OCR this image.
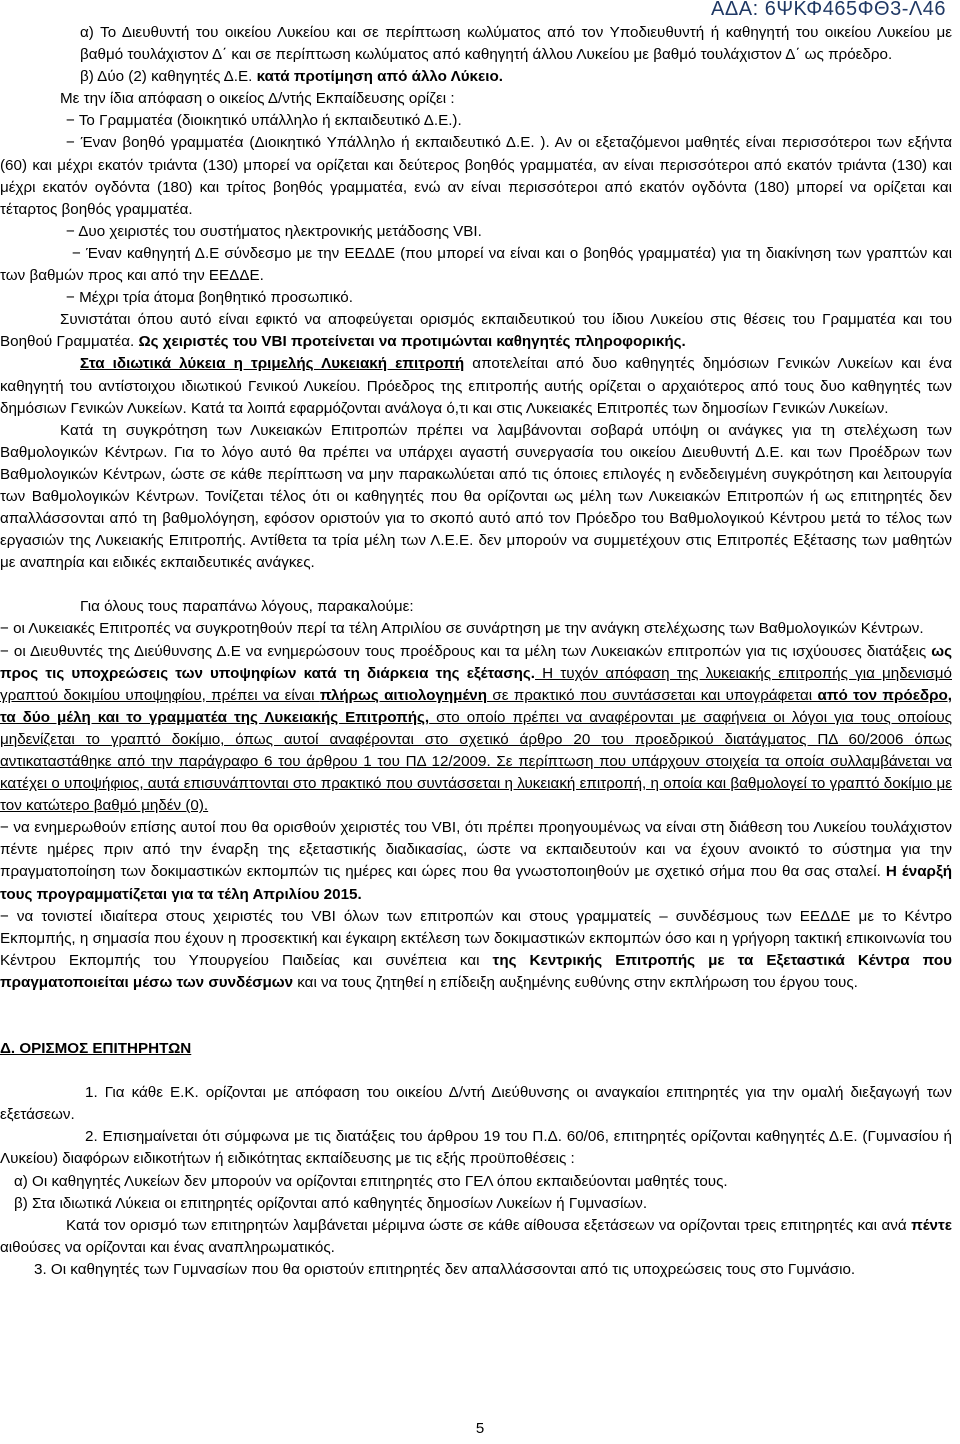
ΑΔΑ: 6ΨΚΦ465ΦΘ3-Λ46

α) Το Διευθυντή του οικείου Λυκείου και σε περίπτωση κωλύματος από τον Υποδιευθυντή ή καθηγητή του οικείου Λυκείου με βαθμό τουλάχιστον Δ΄ και σε περίπτωση κωλύματος από καθηγητή άλλου Λυκείου με βαθμό τουλάχιστον Δ΄ ως πρόεδρο.

β) Δύο (2) καθηγητές Δ.Ε. κατά προτίμηση από άλλο Λύκειο.

Με την ίδια απόφαση ο οικείος Δ/ντής Εκπαίδευσης ορίζει :

− Το Γραμματέα (διοικητικό υπάλληλο ή εκπαιδευτικό Δ.Ε.).

− Έναν βοηθό γραμματέα (Διοικητικό Υπάλληλο ή εκπαιδευτικό Δ.Ε. ). Αν οι εξεταζόμενοι μαθητές είναι περισσότεροι των εξήντα (60) και μέχρι εκατόν τριάντα (130) μπορεί να ορίζεται και δεύτερος βοηθός γραμματέα, αν είναι περισσότεροι από εκατόν τριάντα (130) και μέχρι εκατόν ογδόντα (180) και τρίτος βοηθός γραμματέα, ενώ αν είναι περισσότεροι από εκατόν ογδόντα (180) μπορεί να ορίζεται και τέταρτος βοηθός γραμματέα.

− Δυο χειριστές του συστήματος ηλεκτρονικής μετάδοσης VBI.

− Έναν καθηγητή Δ.Ε σύνδεσμο με την ΕΕΔΔΕ (που μπορεί να είναι και ο βοηθός γραμματέα) για τη διακίνηση των γραπτών και των βαθμών προς και από την ΕΕΔΔΕ.

− Μέχρι τρία άτομα βοηθητικό προσωπικό.

Συνιστάται όπου αυτό είναι εφικτό να αποφεύγεται ορισμός εκπαιδευτικού του ίδιου Λυκείου στις θέσεις του Γραμματέα και του Βοηθού Γραμματέα. Ως χειριστές του VBI προτείνεται να προτιμώνται καθηγητές πληροφορικής.

Στα ιδιωτικά λύκεια η τριμελής Λυκειακή επιτροπή αποτελείται από δυο καθηγητές δημόσιων Γενικών Λυκείων και ένα καθηγητή του αντίστοιχου ιδιωτικού Γενικού Λυκείου. Πρόεδρος της επιτροπής αυτής ορίζεται ο αρχαιότερος από τους δυο καθηγητές των δημόσιων Γενικών Λυκείων. Κατά τα λοιπά εφαρμόζονται ανάλογα ό,τι και στις Λυκειακές Επιτροπές των δημοσίων Γενικών Λυκείων.

Κατά τη συγκρότηση των Λυκειακών Επιτροπών πρέπει να λαμβάνονται σοβαρά υπόψη οι ανάγκες για τη στελέχωση των Βαθμολογικών Κέντρων. Για το λόγο αυτό θα πρέπει να υπάρχει αγαστή συνεργασία του οικείου Διευθυντή Δ.Ε. και των Προέδρων των Βαθμολογικών Κέντρων, ώστε σε κάθε περίπτωση να μην παρακωλύεται από τις όποιες επιλογές η ενδεδειγμένη συγκρότηση και λειτουργία των Βαθμολογικών Κέντρων. Τονίζεται τέλος ότι οι καθηγητές που θα ορίζονται ως μέλη των Λυκειακών Επιτροπών ή ως επιτηρητές δεν απαλλάσσονται από τη βαθμολόγηση, εφόσον οριστούν για το σκοπό αυτό από τον Πρόεδρο του Βαθμολογικού Κέντρου μετά το τέλος των εργασιών της Λυκειακής Επιτροπής. Αντίθετα τα τρία μέλη των Λ.Ε.Ε. δεν μπορούν να συμμετέχουν στις Επιτροπές Εξέτασης των μαθητών με αναπηρία και ειδικές εκπαιδευτικές ανάγκες.

Για όλους τους παραπάνω λόγους, παρακαλούμε:

− οι Λυκειακές Επιτροπές να συγκροτηθούν περί τα τέλη Απριλίου σε συνάρτηση με την ανάγκη στελέχωσης των Βαθμολογικών Κέντρων.

− οι Διευθυντές της Διεύθυνσης Δ.Ε να ενημερώσουν τους προέδρους και τα μέλη των Λυκειακών επιτροπών για τις ισχύουσες διατάξεις ως προς τις υποχρεώσεις των υποψηφίων κατά τη διάρκεια της εξέτασης. Η τυχόν απόφαση της λυκειακής επιτροπής για μηδενισμό γραπτού δοκιμίου υποψηφίου, πρέπει να είναι πλήρως αιτιολογημένη σε πρακτικό που συντάσσεται και υπογράφεται από τον πρόεδρο, τα δύο μέλη και το γραμματέα της Λυκειακής Επιτροπής, στο οποίο πρέπει να αναφέρονται με σαφήνεια οι λόγοι για τους οποίους μηδενίζεται το γραπτό δοκίμιο, όπως αυτοί αναφέρονται στο σχετικό άρθρο 20 του προεδρικού διατάγματος ΠΔ 60/2006 όπως αντικαταστάθηκε από την παράγραφο 6 του άρθρου 1 του ΠΔ 12/2009. Σε περίπτωση που υπάρχουν στοιχεία τα οποία συλλαμβάνεται να κατέχει ο υποψήφιος, αυτά επισυνάπτονται στο πρακτικό που συντάσσεται η λυκειακή επιτροπή, η οποία και βαθμολογεί το γραπτό δοκίμιο με τον κατώτερο βαθμό μηδέν (0).

− να ενημερωθούν επίσης αυτοί που θα ορισθούν χειριστές του VBI, ότι πρέπει προηγουμένως να είναι στη διάθεση του Λυκείου τουλάχιστον πέντε ημέρες πριν από την έναρξη της εξεταστικής διαδικασίας, ώστε να εκπαιδευτούν και να έχουν ανοικτό το σύστημα για την πραγματοποίηση των δοκιμαστικών εκπομπών τις ημέρες και ώρες που θα γνωστοποιηθούν με σχετικό σήμα που θα σας σταλεί. Η έναρξή τους προγραμματίζεται για τα τέλη Απριλίου 2015.

− να τονιστεί ιδιαίτερα στους χειριστές του VBI όλων των επιτροπών και στους γραμματείς – συνδέσμους των ΕΕΔΔΕ με το Κέντρο Εκπομπής, η σημασία που έχουν η προσεκτική και έγκαιρη εκτέλεση των δοκιμαστικών εκπομπών όσο και η γρήγορη τακτική επικοινωνία του Κέντρου Εκπομπής του Υπουργείου Παιδείας και συνέπεια και της Κεντρικής Επιτροπής με τα Εξεταστικά Κέντρα που πραγματοποιείται μέσω των συνδέσμων και να τους ζητηθεί η επίδειξη αυξημένης ευθύνης στην εκπλήρωση του έργου τους.

Δ. ΟΡΙΣΜΟΣ ΕΠΙΤΗΡΗΤΩΝ

1. Για κάθε Ε.Κ. ορίζονται με απόφαση του οικείου Δ/ντή Διεύθυνσης οι αναγκαίοι επιτηρητές για την ομαλή διεξαγωγή των εξετάσεων.

2. Επισημαίνεται ότι σύμφωνα με τις διατάξεις του άρθρου 19 του Π.Δ. 60/06, επιτηρητές ορίζονται καθηγητές Δ.Ε. (Γυμνασίου ή Λυκείου) διαφόρων ειδικοτήτων ή ειδικότητας εκπαίδευσης με τις εξής προϋποθέσεις :

α) Οι καθηγητές Λυκείων δεν μπορούν να ορίζονται επιτηρητές στο ΓΕΛ όπου εκπαιδεύονται μαθητές τους.

β) Στα ιδιωτικά Λύκεια οι επιτηρητές ορίζονται από καθηγητές δημοσίων Λυκείων ή Γυμνασίων.

Κατά τον ορισμό των επιτηρητών λαμβάνεται μέριμνα ώστε σε κάθε αίθουσα εξετάσεων να ορίζονται τρεις επιτηρητές και ανά πέντε αιθούσες να ορίζονται και ένας αναπληρωματικός.

3. Οι καθηγητές των Γυμνασίων που θα οριστούν επιτηρητές δεν απαλλάσσονται από τις υποχρεώσεις τους στο Γυμνάσιο.

5
